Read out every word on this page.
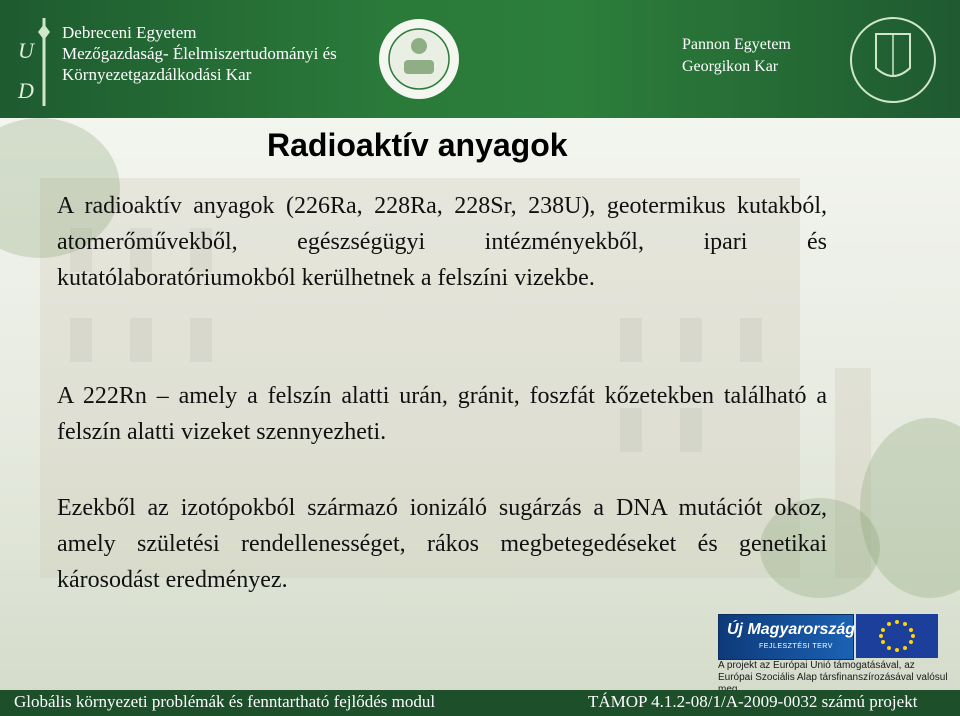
U
D
Debreceni Egyetem
Mezőgazdaság- Élelmiszertudományi és
Környezetgazdálkodási Kar
Pannon Egyetem
Georgikon Kar
Radioaktív anyagok
A radioaktív anyagok (226Ra, 228Ra, 228Sr, 238U), geotermikus kutakból, atomerőművekből, egészségügyi intézményekből, ipari és kutatólaboratóriumokból kerülhetnek a felszíni vizekbe.
A 222Rn – amely a felszín alatti urán, gránit, foszfát kőzetekben található a felszín alatti vizeket szennyezheti.
Ezekből az izotópokból származó ionizáló sugárzás a DNA mutációt okoz, amely születési rendellenességet, rákos megbetegedéseket és genetikai károsodást eredményez.
Új Magyarország
FEJLESZTÉSI TERV
A projekt az Európai Unió támogatásával, az Európai Szociális Alap társfinanszírozásával valósul
Globális környezeti problémák és fenntartható fejlődés modul	TÁMOP 4.1.2-08/1/A-2009-0032 számú projekt
